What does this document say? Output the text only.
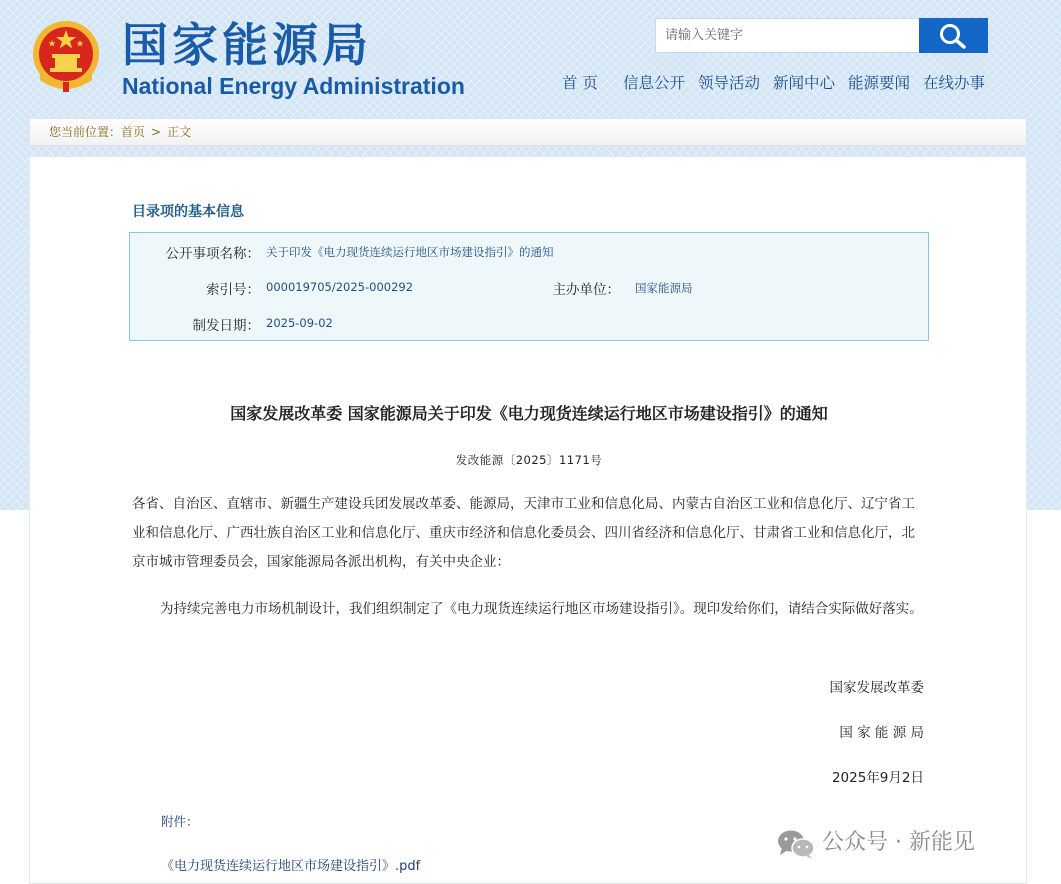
国家能源局
National Energy Administration
请输入关键字	首 页 信息公开 领导活动 新闻中心 能源要闻 在线办事
您当前位置：首页 > 正文
目录项的基本信息
公开事项名称： 关于印发《电力现货连续运行地区市场建设指引》的通知
索引号： 000019705/2025-000292	主办单位： 国家能源局
制发日期： 2025-09-02
国家发展改革委 国家能源局关于印发《电力现货连续运行地区市场建设指引》的通知
发改能源〔2025〕1171号
各省、自治区、直辖市、新疆生产建设兵团发展改革委、能源局，天津市工业和信息化局、内蒙古自治区工业和信息化厅、辽宁省工业和信息化厅、广西壮族自治区工业和信息化厅、重庆市经济和信息化委员会、四川省经济和信息化厅、甘肃省工业和信息化厅，北京市城市管理委员会，国家能源局各派出机构，有关中央企业：
为持续完善电力市场机制设计，我们组织制定了《电力现货连续运行地区市场建设指引》。现印发给你们，请结合实际做好落实。
国家发展改革委
国 家 能 源 局
2025年9月2日
附件：
《电力现货连续运行地区市场建设指引》.pdf
公众号 · 新能见
